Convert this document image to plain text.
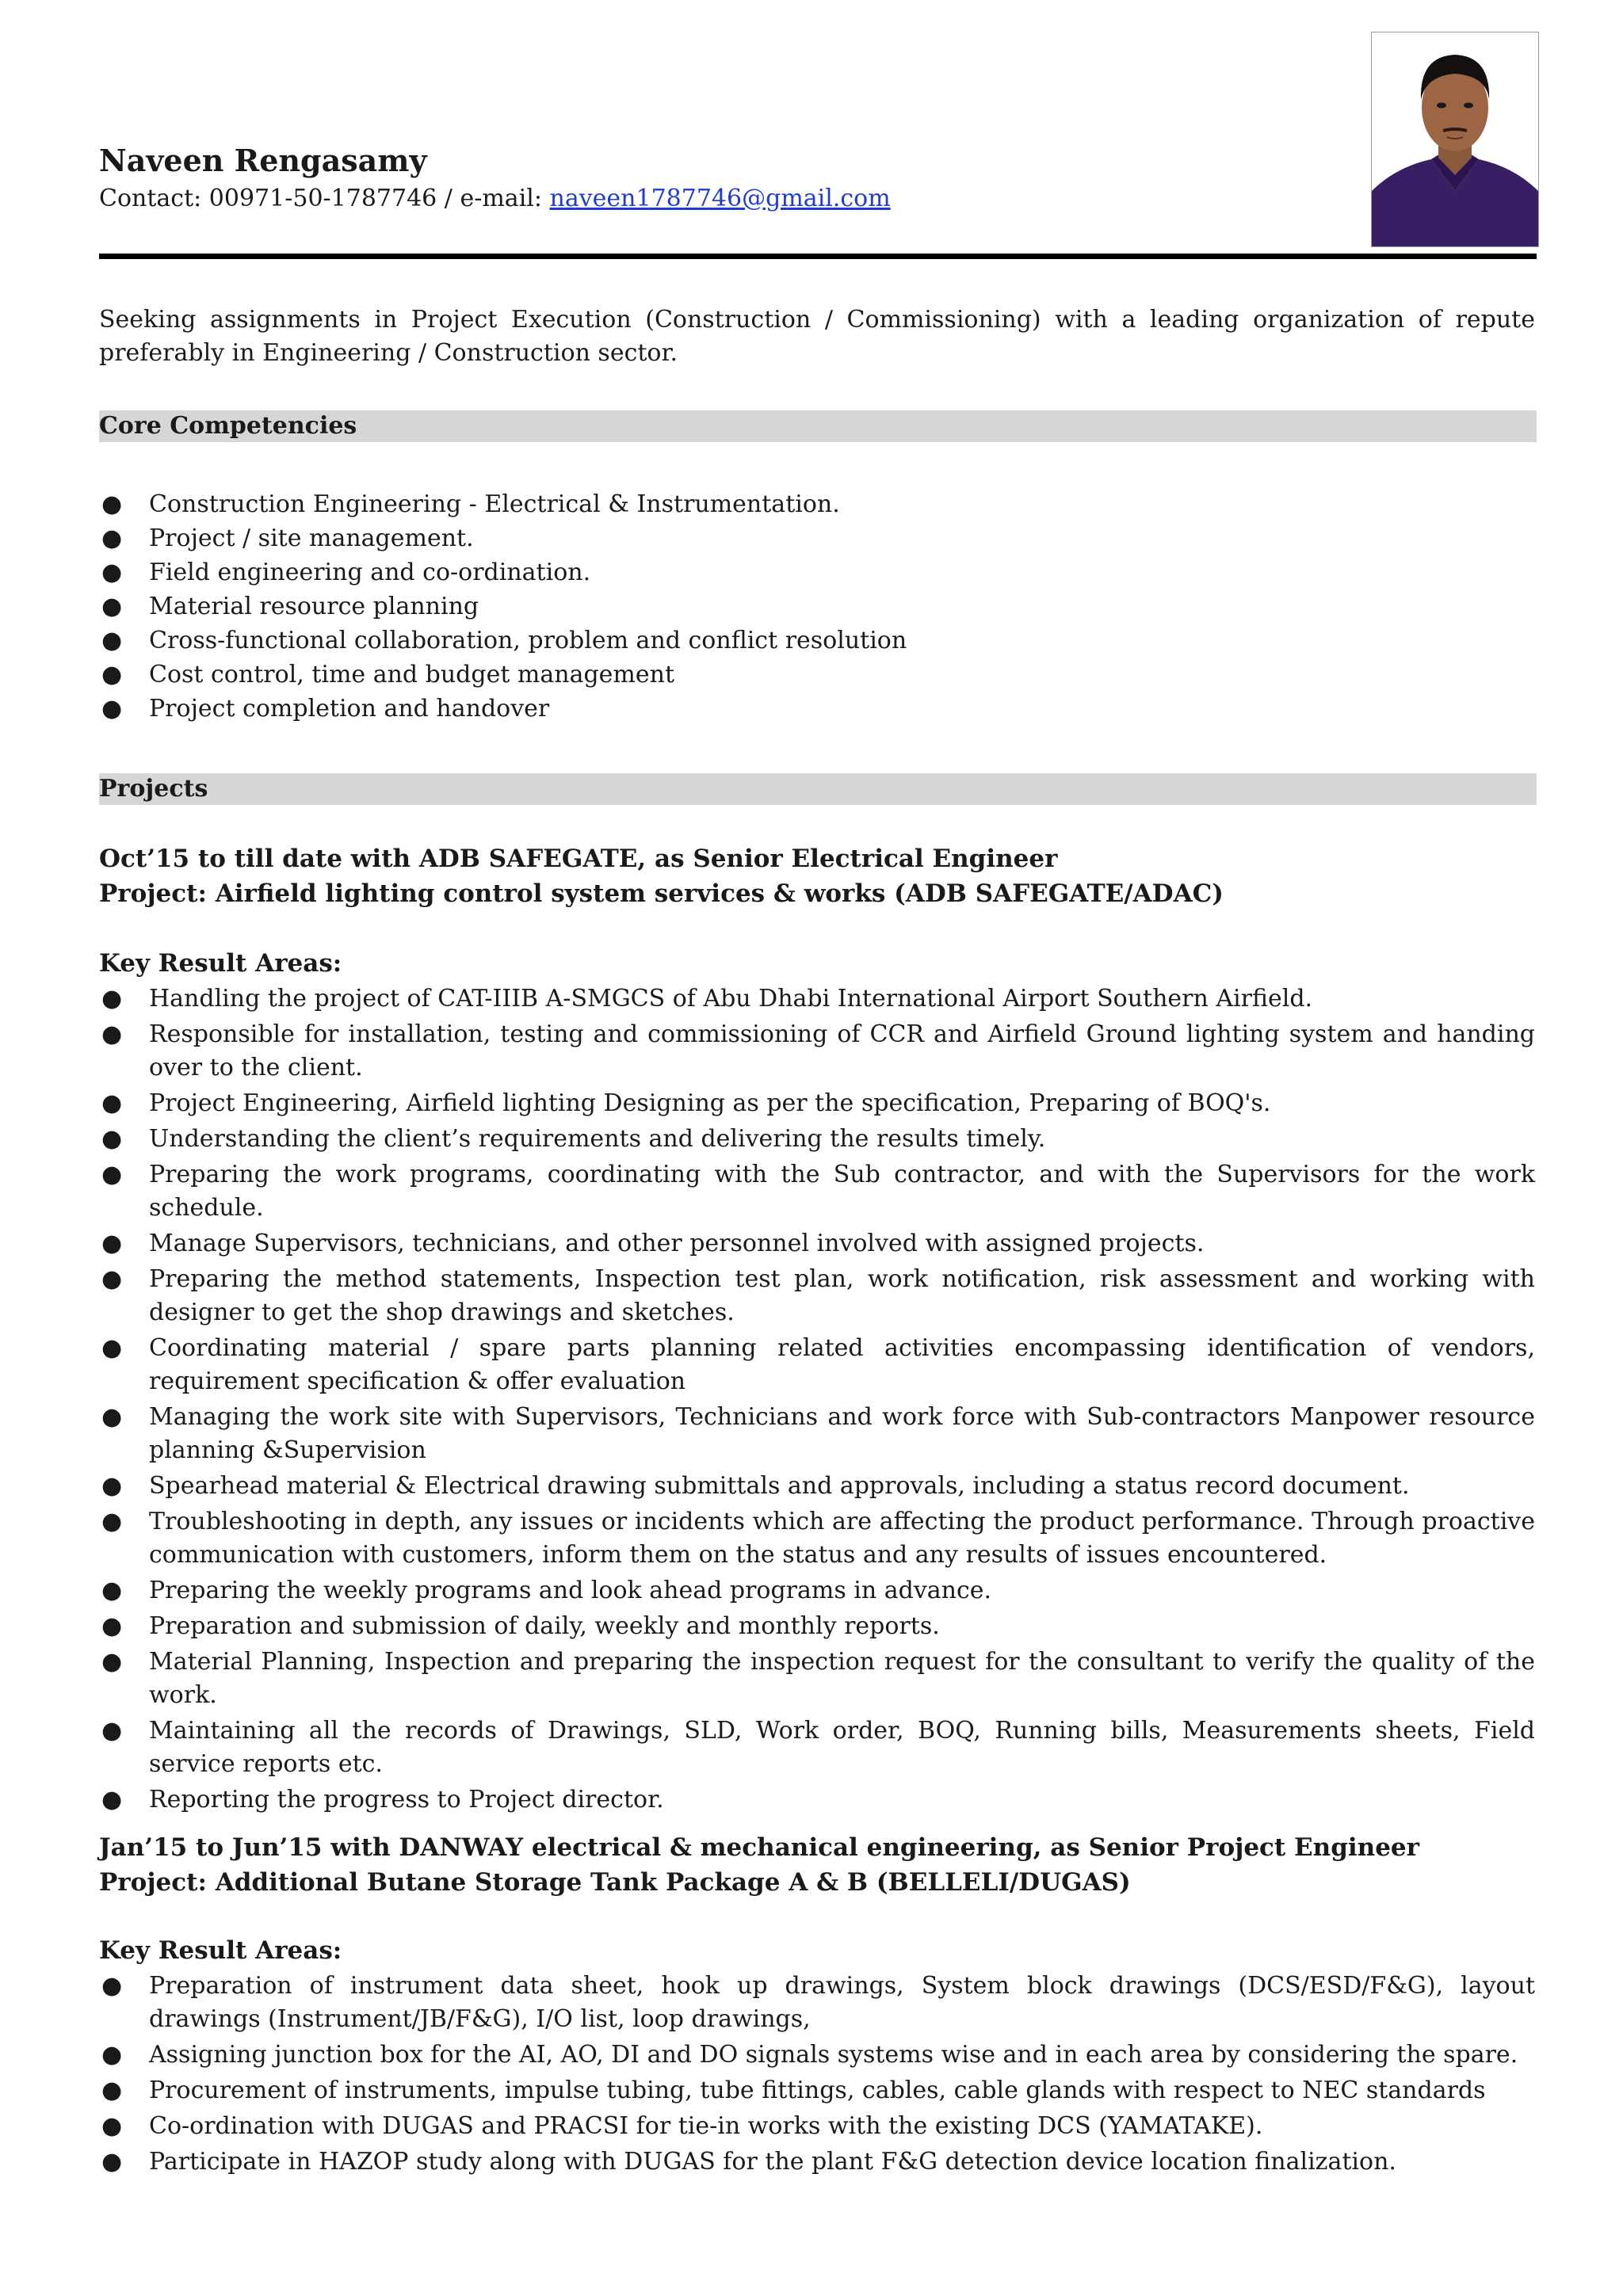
Naveen Rengasamy
Contact: 00971-50-1787746 / e-mail: naveen1787746@gmail.com

Seeking assignments in Project Execution (Construction / Commissioning) with a leading organization of repute preferably in Engineering / Construction sector.

Core Competencies
● Construction Engineering - Electrical & Instrumentation.
● Project / site management.
● Field engineering and co-ordination.
● Material resource planning
● Cross-functional collaboration, problem and conflict resolution
● Cost control, time and budget management
● Project completion and handover
Projects
Oct’15 to till date with ADB SAFEGATE, as Senior Electrical Engineer
Project: Airfield lighting control system services & works (ADB SAFEGATE/ADAC)
Key Result Areas:
● Handling the project of CAT-IIIB A-SMGCS of Abu Dhabi International Airport Southern Airfield.
● Responsible for installation, testing and commissioning of CCR and Airfield Ground lighting system and handing over to the client.
● Project Engineering, Airfield lighting Designing as per the specification, Preparing of BOQ's.
● Understanding the client’s requirements and delivering the results timely.
● Preparing the work programs, coordinating with the Sub contractor, and with the Supervisors for the work schedule.
● Manage Supervisors, technicians, and other personnel involved with assigned projects.
● Preparing the method statements, Inspection test plan, work notification, risk assessment and working with designer to get the shop drawings and sketches.
● Coordinating material / spare parts planning related activities encompassing identification of vendors, requirement specification & offer evaluation
● Managing the work site with Supervisors, Technicians and work force with Sub-contractors Manpower resource planning &Supervision
● Spearhead material & Electrical drawing submittals and approvals, including a status record document.
● Troubleshooting in depth, any issues or incidents which are affecting the product performance. Through proactive communication with customers, inform them on the status and any results of issues encountered.
● Preparing the weekly programs and look ahead programs in advance.
● Preparation and submission of daily, weekly and monthly reports.
● Material Planning, Inspection and preparing the inspection request for the consultant to verify the quality of the work.
● Maintaining all the records of Drawings, SLD, Work order, BOQ, Running bills, Measurements sheets, Field service reports etc.
● Reporting the progress to Project director.
Jan’15 to Jun’15 with DANWAY electrical & mechanical engineering, as Senior Project Engineer
Project: Additional Butane Storage Tank Package A & B (BELLELI/DUGAS)
Key Result Areas:
● Preparation of instrument data sheet, hook up drawings, System block drawings (DCS/ESD/F&G), layout drawings (Instrument/JB/F&G), I/O list, loop drawings,
● Assigning junction box for the AI, AO, DI and DO signals systems wise and in each area by considering the spare.
● Procurement of instruments, impulse tubing, tube fittings, cables, cable glands with respect to NEC standards
● Co-ordination with DUGAS and PRACSI for tie-in works with the existing DCS (YAMATAKE).
● Participate in HAZOP study along with DUGAS for the plant F&G detection device location finalization.
